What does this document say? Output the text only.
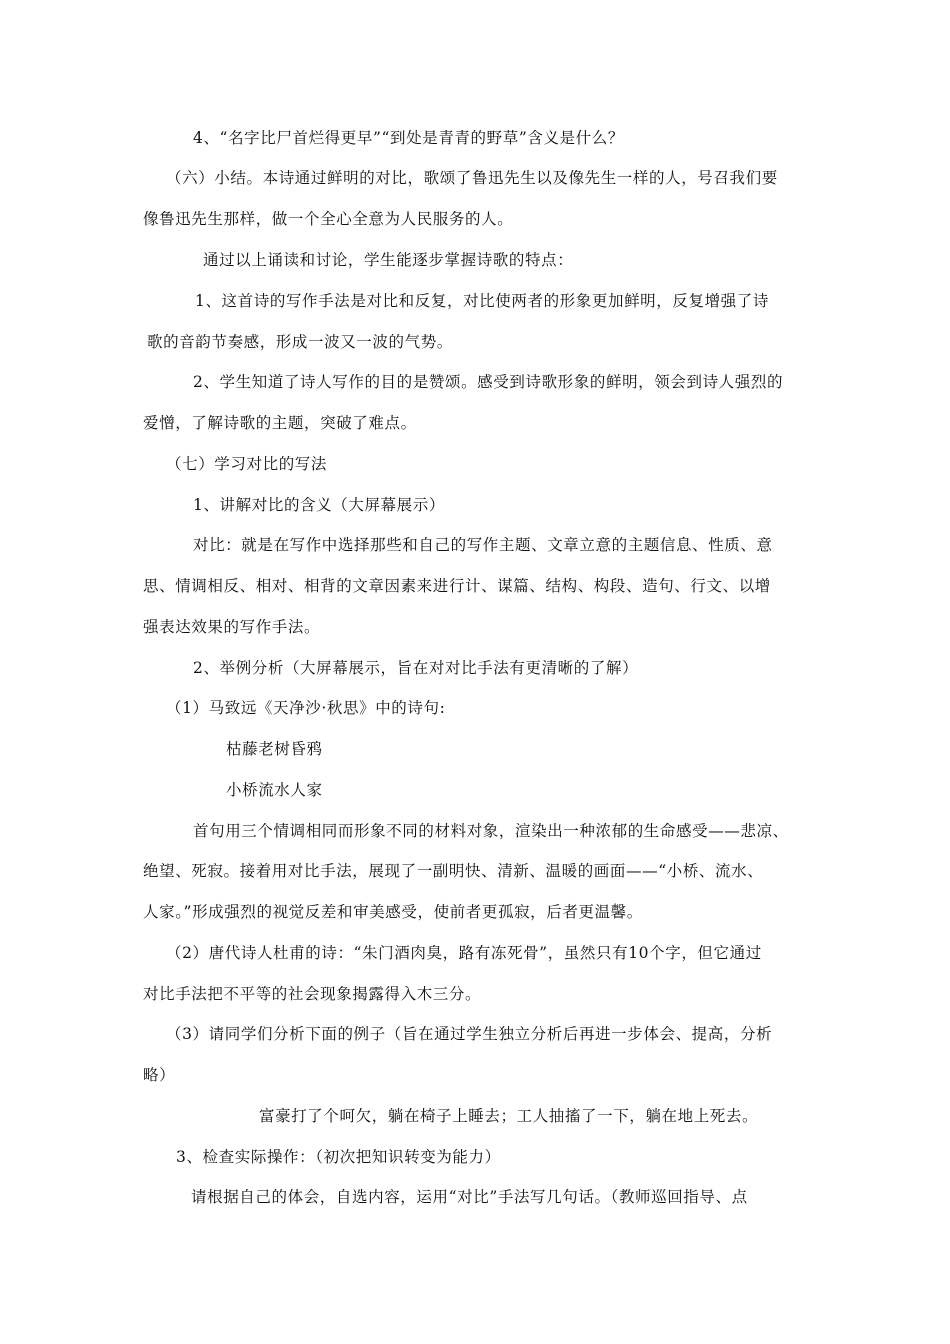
4、“名字比尸首烂得更早”“到处是青青的野草”含义是什么？
（六）小结。本诗通过鲜明的对比，歌颂了鲁迅先生以及像先生一样的人，号召我们要
像鲁迅先生那样，做一个全心全意为人民服务的人。
通过以上诵读和讨论，学生能逐步掌握诗歌的特点：
1、这首诗的写作手法是对比和反复，对比使两者的形象更加鲜明，反复增强了诗
歌的音韵节奏感，形成一波又一波的气势。
2、学生知道了诗人写作的目的是赞颂。感受到诗歌形象的鲜明，领会到诗人强烈的
爱憎，了解诗歌的主题，突破了难点。
（七）学习对比的写法
1、讲解对比的含义（大屏幕展示）
对比：就是在写作中选择那些和自己的写作主题、文章立意的主题信息、性质、意
思、情调相反、相对、相背的文章因素来进行计、谋篇、结构、构段、造句、行文、以增
强表达效果的写作手法。
2、举例分析（大屏幕展示，旨在对对比手法有更清晰的了解）
（1）马致远《天净沙·秋思》中的诗句:
枯藤老树昏鸦
小桥流水人家
首句用三个情调相同而形象不同的材料对象，渲染出一种浓郁的生命感受——悲凉、
绝望、死寂。接着用对比手法，展现了一副明快、清新、温暖的画面——“小桥、流水、
人家。”形成强烈的视觉反差和审美感受，使前者更孤寂，后者更温馨。
（2）唐代诗人杜甫的诗：“朱门酒肉臭，路有冻死骨”，虽然只有10个字，但它通过
对比手法把不平等的社会现象揭露得入木三分。
（3）请同学们分析下面的例子（旨在通过学生独立分析后再进一步体会、提高，分析
略）
富豪打了个呵欠，躺在椅子上睡去；工人抽搐了一下，躺在地上死去。
3、检查实际操作：（初次把知识转变为能力）
请根据自己的体会，自选内容，运用“对比”手法写几句话。（教师巡回指导、点
